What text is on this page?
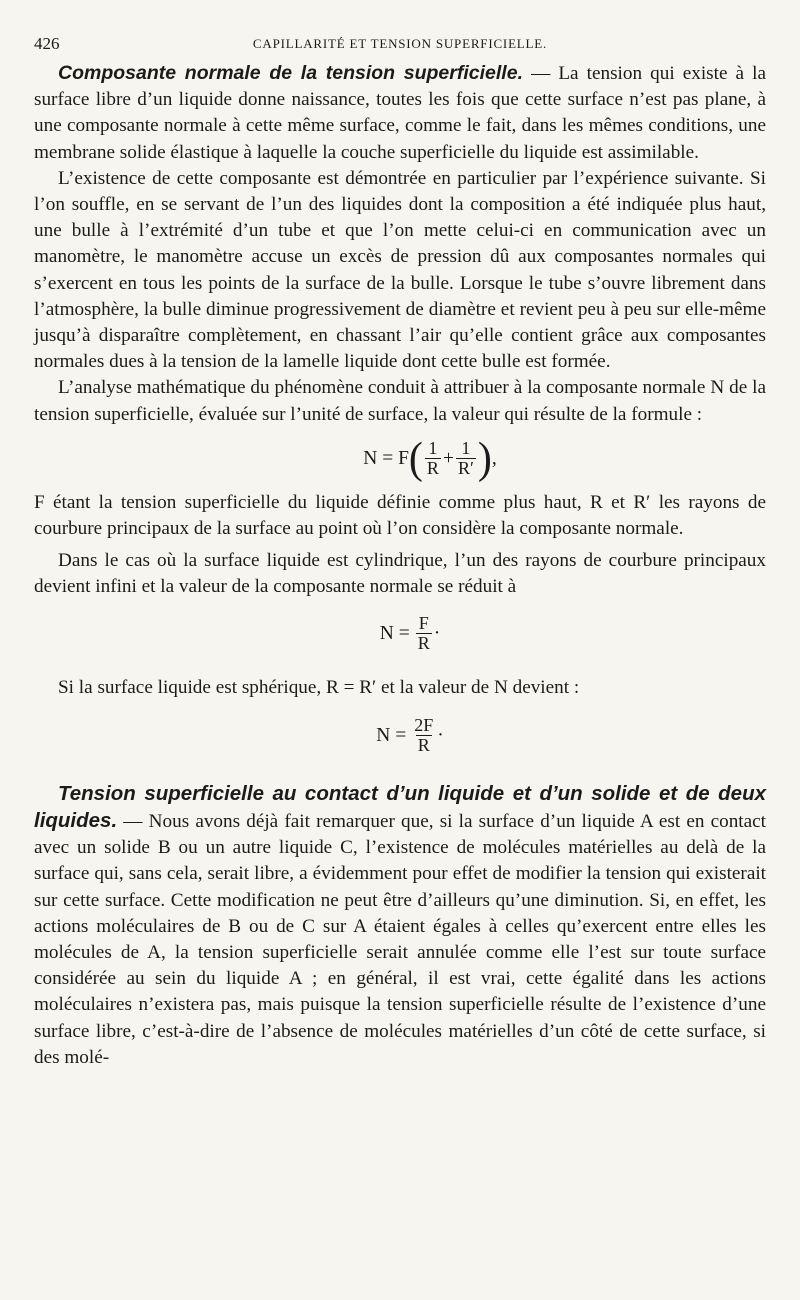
426	CAPILLARITÉ ET TENSION SUPERFICIELLE.

Composante normale de la tension superficielle. — La tension qui existe à la surface libre d’un liquide donne naissance, toutes les fois que cette surface n’est pas plane, à une composante normale à cette même surface, comme le fait, dans les mêmes conditions, une membrane solide élastique à laquelle la couche superficielle du liquide est assimilable.

L’existence de cette composante est démontrée en particulier par l’expérience suivante. Si l’on souffle, en se servant de l’un des liquides dont la composition a été indiquée plus haut, une bulle à l’extrémité d’un tube et que l’on mette celui-ci en communication avec un manomètre, le manomètre accuse un excès de pression dû aux composantes normales qui s’exercent en tous les points de la surface de la bulle. Lorsque le tube s’ouvre librement dans l’atmosphère, la bulle diminue progressivement de diamètre et revient peu à peu sur elle-même jusqu’à disparaître complètement, en chassant l’air qu’elle contient grâce aux composantes normales dues à la tension de la lamelle liquide dont cette bulle est formée.

L’analyse mathématique du phénomène conduit à attribuer à la composante normale N de la tension superficielle, évaluée sur l’unité de surface, la valeur qui résulte de la formule :

N = F ( $\frac{1}{R} + \frac{1}{R'}$ ) ,

F étant la tension superficielle du liquide définie comme plus haut, R et R′ les rayons de courbure principaux de la surface au point où l’on considère la composante normale.

Dans le cas où la surface liquide est cylindrique, l’un des rayons de courbure principaux devient infini et la valeur de la composante normale se réduit à

$N = \frac{F}{R}$ ·

Si la surface liquide est sphérique, R = R′ et la valeur de N devient :

$N = \frac{2F}{R}$ ·

Tension superficielle au contact d’un liquide et d’un solide et de deux liquides. — Nous avons déjà fait remarquer que, si la surface d’un liquide A est en contact avec un solide B ou un autre liquide C, l’existence de molécules matérielles au delà de la surface qui, sans cela, serait libre, a évidemment pour effet de modifier la tension qui existerait sur cette surface. Cette modification ne peut être d’ailleurs qu’une diminution. Si, en effet, les actions moléculaires de B ou de C sur A étaient égales à celles qu’exercent entre elles les molécules de A, la tension superficielle serait annulée comme elle l’est sur toute surface considérée au sein du liquide A ; en général, il est vrai, cette égalité dans les actions moléculaires n’existera pas, mais puisque la tension superficielle résulte de l’existence d’une surface libre, c’est-à-dire de l’absence de molécules matérielles d’un côté de cette surface, si des molé-
